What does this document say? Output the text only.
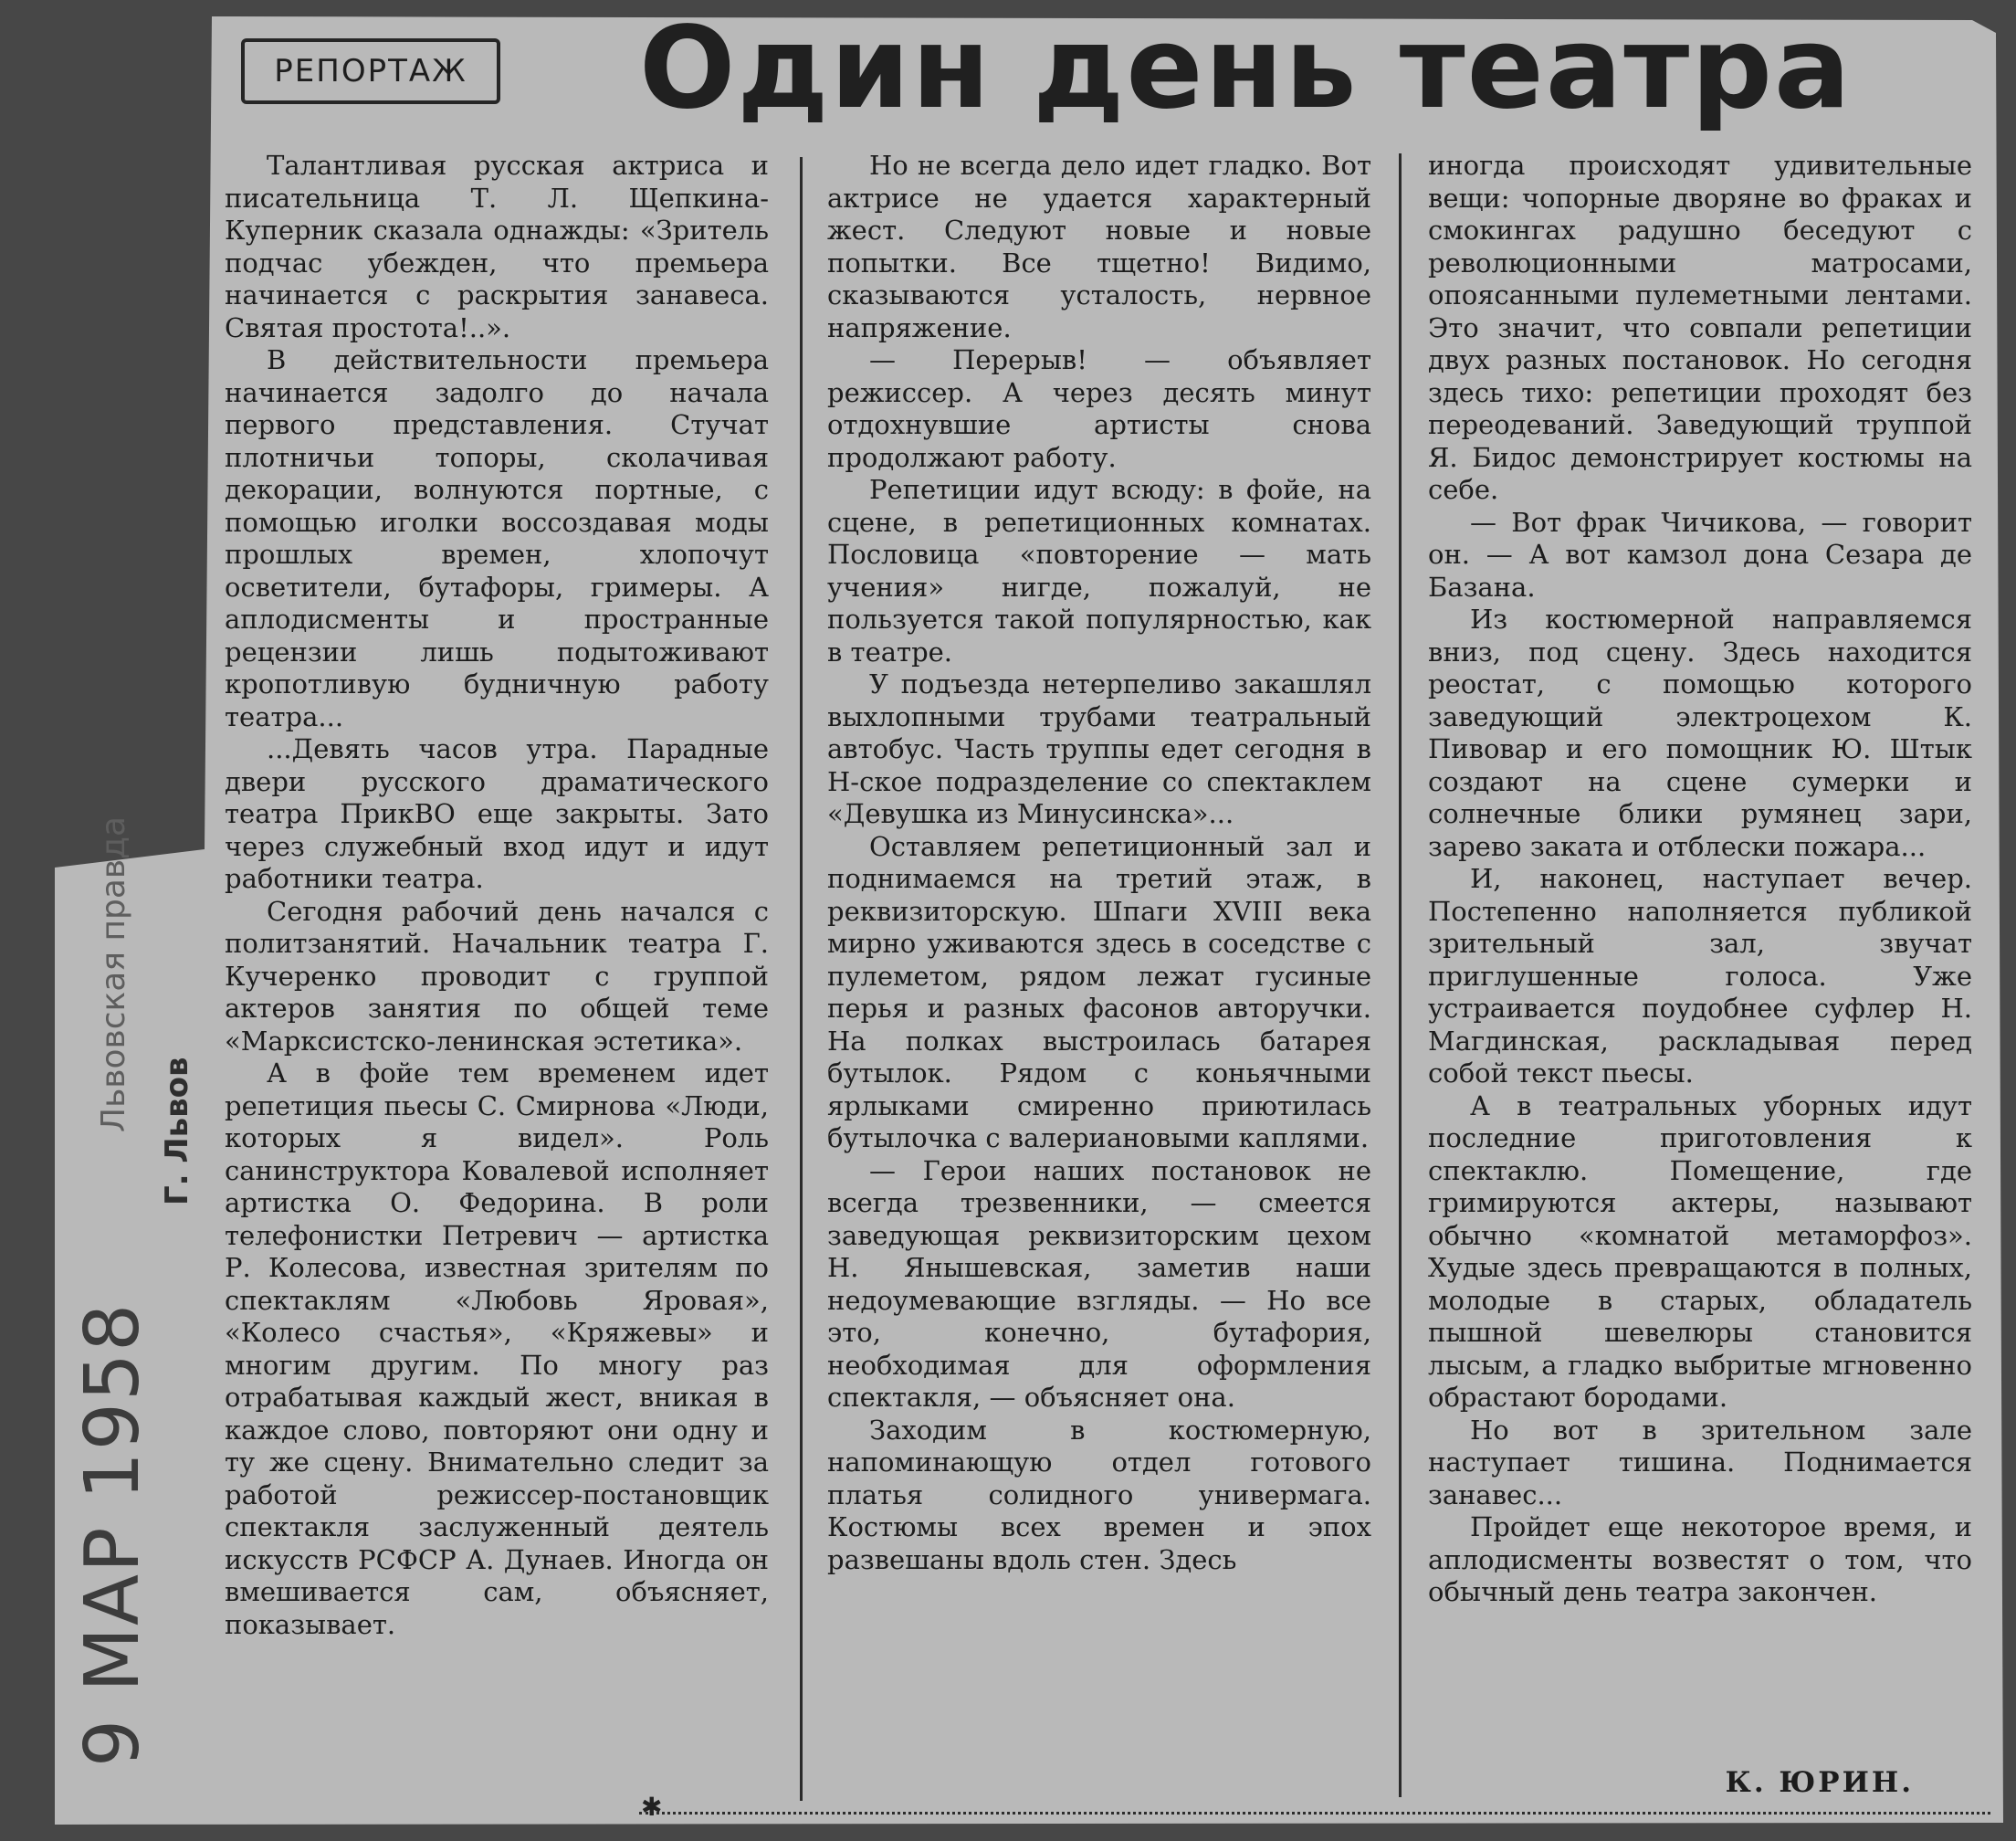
РЕПОРТАЖ Один день театра
9 МАР 1958
Львовская правда Г. Львов

Талантливая русская актриса и писательница Т. Л. Щепкина-Куперник сказала однажды: «Зритель подчас убежден, что премьера начинается с раскрытия занавеса. Святая простота!..».

В действительности премьера начинается задолго до начала первого представления. Стучат плотничьи топоры, сколачивая декорации, волнуются портные, с помощью иголки воссоздавая моды прошлых времен, хлопочут осветители, бутафоры, гримеры. А аплодисменты и пространные рецензии лишь подытоживают кропотливую будничную работу театра...

...Девять часов утра. Парадные двери русского драматического театра ПрикВО еще закрыты. Зато через служебный вход идут и идут работники театра.

Сегодня рабочий день начался с политзанятий. Начальник театра Г. Кучеренко проводит с группой актеров занятия по общей теме «Марксистско-ленинская эстетика».

А в фойе тем временем идет репетиция пьесы С. Смирнова «Люди, которых я видел». Роль санинструктора Ковалевой исполняет артистка О. Федорина. В роли телефонистки Петревич — артистка Р. Колесова, известная зрителям по спектаклям «Любовь Яровая», «Колесо счастья», «Кряжевы» и многим другим. По многу раз отрабатывая каждый жест, вникая в каждое слово, повторяют они одну и ту же сцену. Внимательно следит за работой режиссер-постановщик спектакля заслуженный деятель искусств РСФСР А. Дунаев. Иногда он вмешивается сам, объясняет, показывает.

Но не всегда дело идет гладко. Вот актрисе не удается характерный жест. Следуют новые и новые попытки. Все тщетно! Видимо, сказываются усталость, нервное напряжение.

— Перерыв! — объявляет режиссер. А через десять минут отдохнувшие артисты снова продолжают работу.

Репетиции идут всюду: в фойе, на сцене, в репетиционных комнатах. Пословица «повторение — мать учения» нигде, пожалуй, не пользуется такой популярностью, как в театре.

У подъезда нетерпеливо закашлял выхлопными трубами театральный автобус. Часть труппы едет сегодня в Н-ское подразделение со спектаклем «Девушка из Минусинска»...

Оставляем репетиционный зал и поднимаемся на третий этаж, в реквизиторскую. Шпаги XVIII века мирно уживаются здесь в соседстве с пулеметом, рядом лежат гусиные перья и разных фасонов авторучки. На полках выстроилась батарея бутылок. Рядом с коньячными ярлыками смиренно приютилась бутылочка с валериановыми каплями.

— Герои наших постановок не всегда трезвенники, — смеется заведующая реквизиторским цехом Н. Янышевская, заметив наши недоумевающие взгляды. — Но все это, конечно, бутафория, необходимая для оформления спектакля, — объясняет она.

Заходим в костюмерную, напоминающую отдел готового платья солидного универмага. Костюмы всех времен и эпох развешаны вдоль стен. Здесь

иногда происходят удивительные вещи: чопорные дворяне во фраках и смокингах радушно беседуют с революционными матросами, опоясанными пулеметными лентами. Это значит, что совпали репетиции двух разных постановок. Но сегодня здесь тихо: репетиции проходят без переодеваний. Заведующий труппой Я. Бидос демонстрирует костюмы на себе.

— Вот фрак Чичикова, — говорит он. — А вот камзол дона Сезара де Базана.

Из костюмерной направляемся вниз, под сцену. Здесь находится реостат, с помощью которого заведующий электроцехом К. Пивовар и его помощник Ю. Штык создают на сцене сумерки и солнечные блики румянец зари, зарево заката и отблески пожара...

И, наконец, наступает вечер. Постепенно наполняется публикой зрительный зал, звучат приглушенные голоса. Уже устраивается поудобнее суфлер Н. Магдинская, раскладывая перед собой текст пьесы.

А в театральных уборных идут последние приготовления к спектаклю. Помещение, где гримируются актеры, называют обычно «комнатой метаморфоз». Худые здесь превращаются в полных, молодые в старых, обладатель пышной шевелюры становится лысым, а гладко выбритые мгновенно обрастают бородами.

Но вот в зрительном зале наступает тишина. Поднимается занавес...

Пройдет еще некоторое время, и аплодисменты возвестят о том, что обычный день театра закончен.

К. ЮРИН.
✱
